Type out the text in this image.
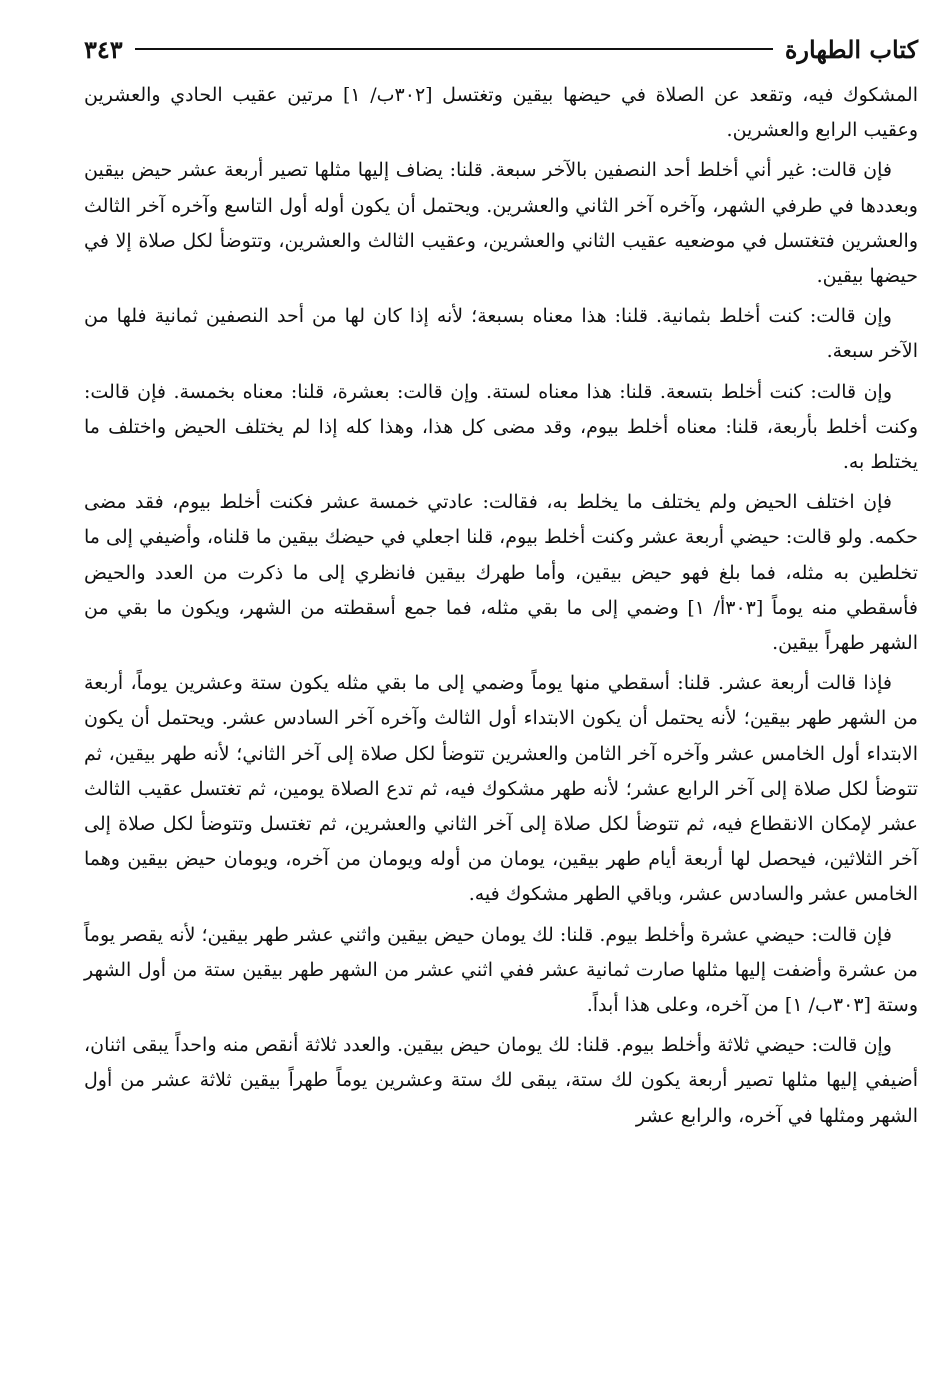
كتاب الطهارة
٣٤٣

المشكوك فيه، وتقعد عن الصلاة في حيضها بيقين وتغتسل [٣٠٢ب/ ١] مرتين عقيب الحادي والعشرين وعقيب الرابع والعشرين.

فإن قالت: غير أني أخلط أحد النصفين بالآخر سبعة. قلنا: يضاف إليها مثلها تصير أربعة عشر حيض بيقين وبعددها في طرفي الشهر، وآخره آخر الثاني والعشرين. ويحتمل أن يكون أوله أول التاسع وآخره آخر الثالث والعشرين فتغتسل في موضعيه عقيب الثاني والعشرين، وعقيب الثالث والعشرين، وتتوضأ لكل صلاة إلا في حيضها بيقين.

وإن قالت: كنت أخلط بثمانية. قلنا: هذا معناه بسبعة؛ لأنه إذا كان لها من أحد النصفين ثمانية فلها من الآخر سبعة.

وإن قالت: كنت أخلط بتسعة. قلنا: هذا معناه لستة. وإن قالت: بعشرة، قلنا: معناه بخمسة. فإن قالت: وكنت أخلط بأربعة، قلنا: معناه أخلط بيوم، وقد مضى كل هذا، وهذا كله إذا لم يختلف الحيض واختلف ما يختلط به.

فإن اختلف الحيض ولم يختلف ما يخلط به، فقالت: عادتي خمسة عشر فكنت أخلط بيوم، فقد مضى حكمه. ولو قالت: حيضي أربعة عشر وكنت أخلط بيوم، قلنا اجعلي في حيضك بيقين ما قلناه، وأضيفي إلى ما تخلطين به مثله، فما بلغ فهو حيض بيقين، وأما طهرك بيقين فانظري إلى ما ذكرت من العدد والحيض فأسقطي منه يوماً [٣٠٣أ/ ١] وضمي إلى ما بقي مثله، فما جمع أسقطته من الشهر، ويكون ما بقي من الشهر طهراً بيقين.

فإذا قالت أربعة عشر. قلنا: أسقطي منها يوماً وضمي إلى ما بقي مثله يكون ستة وعشرين يوماً، أربعة من الشهر طهر بيقين؛ لأنه يحتمل أن يكون الابتداء أول الثالث وآخره آخر السادس عشر. ويحتمل أن يكون الابتداء أول الخامس عشر وآخره آخر الثامن والعشرين تتوضأ لكل صلاة إلى آخر الثاني؛ لأنه طهر بيقين، ثم تتوضأ لكل صلاة إلى آخر الرابع عشر؛ لأنه طهر مشكوك فيه، ثم تدع الصلاة يومين، ثم تغتسل عقيب الثالث عشر لإمكان الانقطاع فيه، ثم تتوضأ لكل صلاة إلى آخر الثاني والعشرين، ثم تغتسل وتتوضأ لكل صلاة إلى آخر الثلاثين، فيحصل لها أربعة أيام طهر بيقين، يومان من أوله ويومان من آخره، ويومان حيض بيقين وهما الخامس عشر والسادس عشر، وباقي الطهر مشكوك فيه.

فإن قالت: حيضي عشرة وأخلط بيوم. قلنا: لك يومان حيض بيقين واثني عشر طهر بيقين؛ لأنه يقصر يوماً من عشرة وأضفت إليها مثلها صارت ثمانية عشر ففي اثني عشر من الشهر طهر بيقين ستة من أول الشهر وستة [٣٠٣ب/ ١] من آخره، وعلى هذا أبداً.

وإن قالت: حيضي ثلاثة وأخلط بيوم. قلنا: لك يومان حيض بيقين. والعدد ثلاثة أنقص منه واحداً يبقى اثنان، أضيفي إليها مثلها تصير أربعة يكون لك ستة، يبقى لك ستة وعشرين يوماً طهراً بيقين ثلاثة عشر من أول الشهر ومثلها في آخره، والرابع عشر
